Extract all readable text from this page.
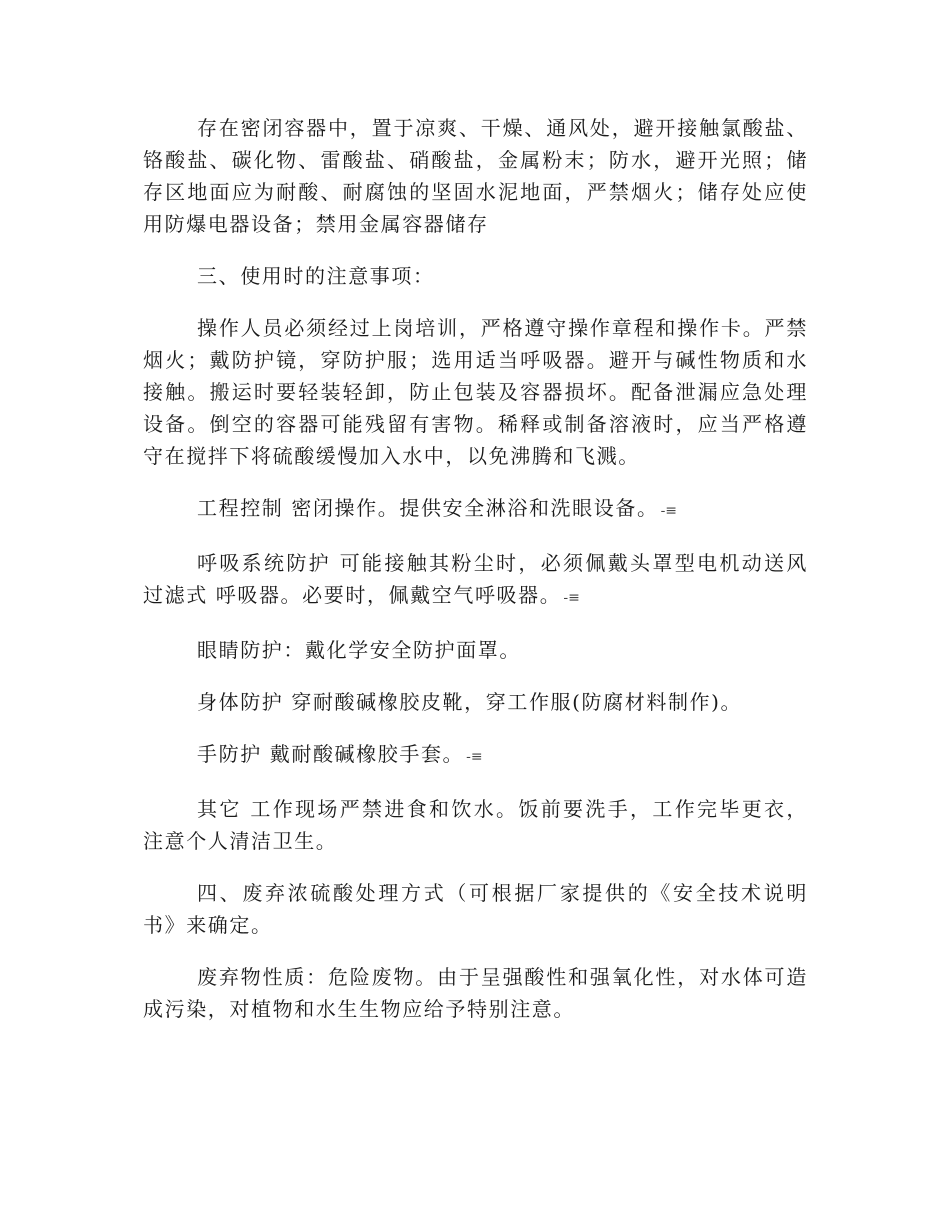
存在密闭容器中，置于凉爽、干燥、通风处，避开接触氯酸盐、铬酸盐、碳化物、雷酸盐、硝酸盐，金属粉末；防水，避开光照；储存区地面应为耐酸、耐腐蚀的坚固水泥地面，严禁烟火；储存处应使用防爆电器设备；禁用金属容器储存

三、使用时的注意事项：

操作人员必须经过上岗培训，严格遵守操作章程和操作卡。严禁烟火；戴防护镜，穿防护服；选用适当呼吸器。避开与碱性物质和水接触。搬运时要轻装轻卸，防止包装及容器损坏。配备泄漏应急处理设备。倒空的容器可能残留有害物。稀释或制备溶液时，应当严格遵守在搅拌下将硫酸缓慢加入水中，以免沸腾和飞溅。

工程控制 密闭操作。提供安全淋浴和洗眼设备。 -≡

呼吸系统防护 可能接触其粉尘时，必须佩戴头罩型电机动送风过滤式 呼吸器。必要时，佩戴空气呼吸器。 -≡

眼睛防护：戴化学安全防护面罩。

身体防护 穿耐酸碱橡胶皮靴，穿工作服(防腐材料制作)。

手防护 戴耐酸碱橡胶手套。 -≡

其它 工作现场严禁进食和饮水。饭前要洗手，工作完毕更衣，注意个人清洁卫生。

四、废弃浓硫酸处理方式（可根据厂家提供的《安全技术说明书》来确定。

废弃物性质：危险废物。由于呈强酸性和强氧化性，对水体可造成污染，对植物和水生生物应给予特别注意。
